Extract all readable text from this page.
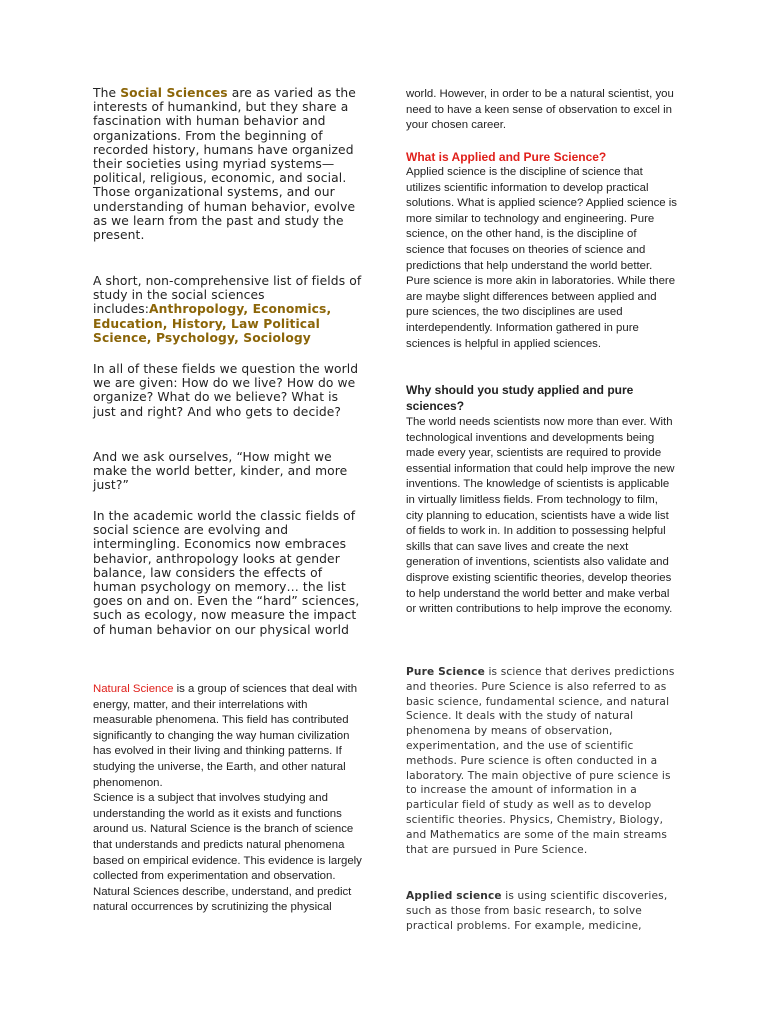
The Social Sciences are as varied as the interests of humankind, but they share a fascination with human behavior and organizations. From the beginning of recorded history, humans have organized their societies using myriad systems—political, religious, economic, and social. Those organizational systems, and our understanding of human behavior, evolve as we learn from the past and study the present.

A short, non-comprehensive list of fields of study in the social sciences includes:Anthropology, Economics, Education, History, Law Political Science, Psychology, Sociology

In all of these fields we question the world we are given: How do we live? How do we organize? What do we believe? What is just and right? And who gets to decide?

And we ask ourselves, “How might we make the world better, kinder, and more just?”

In the academic world the classic fields of social science are evolving and intermingling. Economics now embraces behavior, anthropology looks at gender balance, law considers the effects of human psychology on memory… the list goes on and on. Even the “hard” sciences, such as ecology, now measure the impact of human behavior on our physical world

Natural Science is a group of sciences that deal with energy, matter, and their interrelations with measurable phenomena. This field has contributed significantly to changing the way human civilization has evolved in their living and thinking patterns. If studying the universe, the Earth, and other natural phenomenon.
Science is a subject that involves studying and understanding the world as it exists and functions around us. Natural Science is the branch of science that understands and predicts natural phenomena based on empirical evidence. This evidence is largely collected from experimentation and observation. Natural Sciences describe, understand, and predict natural occurrences by scrutinizing the physical

world. However, in order to be a natural scientist, you need to have a keen sense of observation to excel in your chosen career.

What is Applied and Pure Science?

Applied science is the discipline of science that utilizes scientific information to develop practical solutions. What is applied science? Applied science is more similar to technology and engineering. Pure science, on the other hand, is the discipline of science that focuses on theories of science and predictions that help understand the world better. Pure science is more akin in laboratories. While there are maybe slight differences between applied and pure sciences, the two disciplines are used interdependently. Information gathered in pure sciences is helpful in applied sciences.

Why should you study applied and pure sciences?

The world needs scientists now more than ever. With technological inventions and developments being made every year, scientists are required to provide essential information that could help improve the new inventions. The knowledge of scientists is applicable in virtually limitless fields. From technology to film, city planning to education, scientists have a wide list of fields to work in. In addition to possessing helpful skills that can save lives and create the next generation of inventions, scientists also validate and disprove existing scientific theories, develop theories to help understand the world better and make verbal or written contributions to help improve the economy.

Pure Science is science that derives predictions and theories. Pure Science is also referred to as basic science, fundamental science, and natural Science. It deals with the study of natural phenomena by means of observation, experimentation, and the use of scientific methods. Pure science is often conducted in a laboratory. The main objective of pure science is to increase the amount of information in a particular field of study as well as to develop scientific theories. Physics, Chemistry, Biology, and Mathematics are some of the main streams that are pursued in Pure Science.

Applied science is using scientific discoveries, such as those from basic research, to solve practical problems. For example, medicine,
